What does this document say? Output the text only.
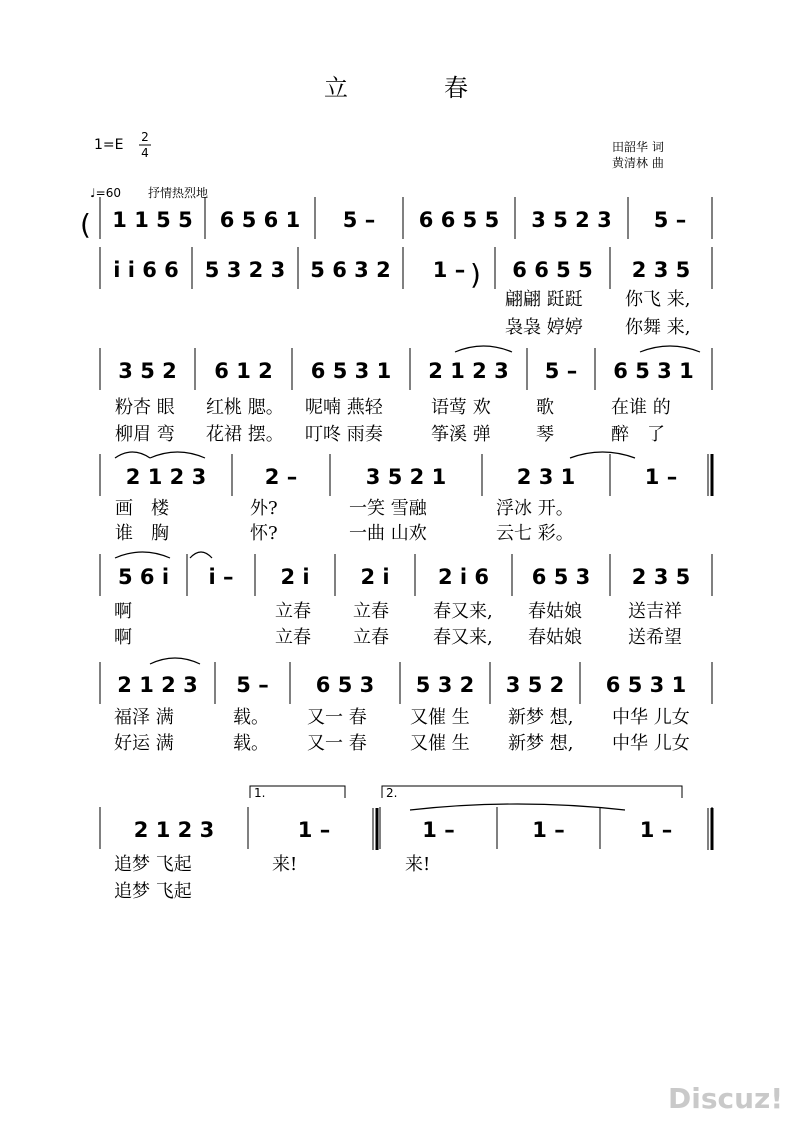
立　　　　春
1=E 2
4	田韶华 词
黄清林 曲
♩=60 抒情热烈地
Discuz!
1 1 5 5 6 5 6 1 5 – 6 6 5 5 3 5 2 3 5 –
i i 6 6 5 3 2 3 5 6 3 2 1 – 6 6 5 5 2 3 5
翩翩 跹跹 你飞 来,
袅袅 婷婷 你舞 来,
3 5 2 6 1 2 6 5 3 1 2 1 2 3 5 – 6 5 3 1
粉杏 眼 红桃 腮。 呢喃 燕轻	语莺 欢	歌	在谁 的
柳眉 弯 花裙 摆。 叮咚 雨奏	筝溪 弹	琴	醉　了
2 1 2 3	2 –	3 5 2 1	2 3 1	1 –
画　楼	外?	一笑 雪融	浮冰 开。
谁　胸	怀?	一曲 山欢	云七 彩。
5 6 i i – 2 i 2 i 2 i 6 6 5 3 2 3 5
啊	立春 立春 春又来, 春姑娘	送吉祥
啊	立春 立春 春又来, 春姑娘	送希望
2 1 2 3 5 – 6 5 3 5 3 2 3 5 2 6 5 3 1
福泽 满	载。 又一 春 又催 生 新梦 想, 中华 儿女
好运 满	载。 又一 春 又催 生 新梦 想, 中华 儿女
2 1 2 3	1 –	1 –	1 –	1 –
追梦 飞起	来!	来!
追梦 飞起
(
)
1.	2.
